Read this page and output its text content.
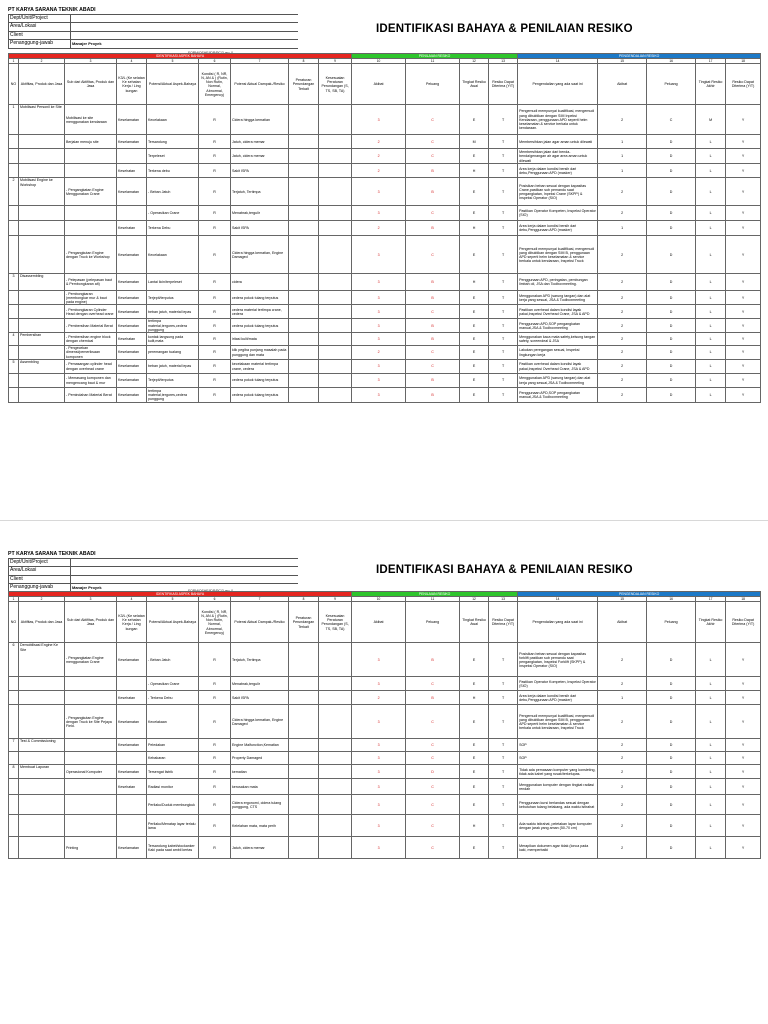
PT KARYA SARANA TEKNIK ABADI
Dept/Unit/Project
Area/Lokasi
Client
Penanggung-jawab	Manajer Proyek
IDENTIFIKASI BAHAYA & PENILAIAN RESIKO
IDENTIFIKASI ASPEK BAHAYA									PENILAIAN RESIKO				PENGENDALIAN RESIKO				
1	2	3	4	5	6	7	8	9	10	11	12	13	14	15	16	17	18
NO	Aktifitas, Produk dan Jasa	Sub dari Aktifitas, Produk dan Jasa	K3/L (Ke selatan Ke sehatan Kerja / Ling kungan	Potensi/Aktual Aspek-Bahaya	Kondisi ( R, NR, N, AN & ) (Rutin, Non Rutin, Normal, Abnormal, Emergency)	Potensi Aktual Dampak-/Resiko	Peraturan Perundangan Terkait	Kesesuaian Peraturan Perundangan (S, TS, SB, TA)	Akibat	Peluang	Tingkat Resiko Awal	Resiko Dapat Diterima (Y/T)	Pengendalian yang ada saat ini	Akibat	Peluang	Tingkat Resiko Akhir	Resiko Dapat Diterima (Y/T)
1	Mobilisasi Personil ke Site	Mobilisasi ke site menggunakan kendaraan	Keselamatan	Kecelakaan	R	Cidera hingga kematian			3	C	E	T	Pengemudi mempunyai kualifikasi, mengemudi yang dibuktikan dengan SIM Inpeksi Kendaraan, penggunaan APD seperti helm keselamatan & service berkala untuk kendaraan.	2	C	M	Y
		Berjalan menuju site	Keselamatan	Tersandung	R	Jatuh, cidera memar			2	C	M	T	Membersihkan jalan agar aman untuk dilewati	1	D	L	Y
				Terpeleset	R	Jatuh, cidera memar			2	C	E	T	Membersihkan jalan dari benda-benda/genangan air agar area aman untuk dilewati	1	D	L	Y
			Kesehatan	Terkena debu	R	Sakit ISPA			2	B	H	T	Area kerja dalam kondisi bersih dari debu,Penggunaan APD (masker)	1	D	L	Y
2	Mobilisasi Engine ke Workshop	- Pengangkatan Engine Menggunakan Crane	Keselamatan	- Beban Jatuh	R	Terjatuh, Tertimpa			3	B	E	T	Posisikan beban sesuai dengan kapasitas Crane,pastikan sub pemandu saat pengangkatan, Inpeksi Crane (SKPP) & Inspeksi Operator (SIO)	2	D	L	Y
				- Operasikan Crane	R	Menabrak,tergulir			3	C	E	T	Pastikan Operator Kompeten, Inspeksi Operator (SIO)	2	D	L	Y
			Kesehatan	Terkena Debu	R	Sakit ISPA			2	B	H	T	Area kerja dalam kondisi bersih dari debu,Penggunaan APD (masker)	1	D	L	Y
		- Pengangkutan Engine dengan Truck ke Workshop	Keselamatan	Kecelakaan	R	Cidera hingga kematian, Engine Damaged			3	C	E	T	Pengemudi mempunyai kualifikasi, mengemudi yang dibuktikan dengan SIM B, penggunaan APD seperti helm keselamatan & service berkala untuk kendaraan, Inspeksi Truck	2	D	L	Y
3	Disassembling	- Pelepasan (pelepasan baut & Pembongkaran alt)	Keselamatan	Lantai licin/terpeleset	R	cidera			3	B	H	T	Penggunaan APD, peringatan, pembungan limbah oli, JSA dan Toolboxmeeting.	2	D	L	Y
		- Pembongkaran (membongkar mur & baut pada engine)	Keselamatan	Terjepit/terputus	R	cedera pokok tulang terputus			3	B	E	T	Menggunakan APD (sarung tangan) dan alat kerja yang sesuai, JSA & Toolboxmeeting	2	D	L	Y
		- Pembongkaran Cylinder Head dengan overhead crane	Keselamatan	beban jatuh, material lepas	R	cedera material tertimpa crane, cedera			3	C	E	T	Pastikan overhead dalam kondisi layak pakai,Inspeksi Overhead Crane, JSA & APD	2	D	L	Y
		- Pembersihan Material Berat	Keselamatan	tertimpa material,tergores,cedera punggung	R	cedera pokok tulang terputus			3	B	E	T	Penggunaan APD,SOP pengangkatan manual,JSA & Toolboxmeeting	2	D	L	Y
4	Pembersihan	- Pembersihan engine block dengan chemical	Kesehatan	kontak langsung pada kulit,mata	R	iritasi kulit/mata			3	B	E	T	Menggunakan kaca mata safety,kelsung tangan safety, screendeal & JSA	2	D	L	Y
		- Pengecekan dimensi/pemeriksaan komponen	Keselamatan	peremangan tualang	R	klik pegiba punjang masalah pada punggung dan mata			2	C	E	T	Lakukan peregangan sesuai, Inspeksi lingkungan kerja	2	D	L	Y
5	Assembling	- Pemasangan cylinder head dengan overhead crane	Keselamatan	beban jatuh, material lepas	R	kecelakaan material tertimpa crane, cedera			3	C	E	T	Pastikan overhead dalam kondisi layak pakai,Inspeksi Overhead Crane, JSA & APD	2	D	L	Y
		- Memasang komponen dan mengencang baut & mur	Keselamatan	Terjepit/terputus	R	cedera pokok tulang terputus			3	B	E	T	Menggunakan APD (sarung tangan) dan alat kerja yang sesuai,JSA & Toolboxmeeting	2	D	L	Y
		- Pemindahan Material Berat	Keselamatan	tertimpa material,tergores,cedera punggung	R	cedera pokok tulang terputus			3	B	E	T	Penggunaan APD,SOP pengangkatan manual,JSA & Toolboxmeeting	2	D	L	Y
PT KARYA SARANA TEKNIK ABADI
Dept/Unit/Project
Area/Lokasi
Client
Penanggung-jawab	Manajer Proyek
IDENTIFIKASI BAHAYA & PENILAIAN RESIKO
IDENTIFIKASI ASPEK BAHAYA									PENILAIAN RESIKO				PENGENDALIAN RESIKO				
1	2	3	4	5	6	7	8	9	10	11	12	13	14	15	16	17	18
NO	Aktifitas, Produk dan Jasa	Sub dari Aktifitas, Produk dan Jasa	K3/L (Ke selatan Ke sehatan Kerja / Ling kungan	Potensi/Aktual Aspek-Bahaya	Kondisi ( R, NR, N, AN & ) (Rutin, Non Rutin, Normal, Abnormal, Emergency)	Potensi Aktual Dampak-/Resiko	Peraturan Perundangan Terkait	Kesesuaian Peraturan Perundangan (S, TS, SB, TA)	Akibat	Peluang	Tingkat Resiko Awal	Resiko Dapat Diterima (Y/T)	Pengendalian yang ada saat ini	Akibat	Peluang	Tingkat Resiko Akhir	Resiko Dapat Diterima (Y/T)
6	Demobilisasi Engine Ke Site	- Pengangkatan Engine menggunakan Crane	Keselamatan	- Beban Jatuh	R	Terjatuh, Tertimpa			3	B	E	T	Posisikan beban sesuai dengan kapasitas forklift pastikan sub pemandu saat pengangkatan, Inspeksi Forklift (SKPP) & Inspeksi Operator (SIO)	2	D	L	Y
				- Operasikan Crane	R	Menabrak,tergulir			3	C	E	T	Pastikan Operator Kompeten, Inspeksi Operator (SIO)	2	D	L	Y
			Kesehatan	- Terkena Debu	R	Sakit ISPA			2	B	H	T	Area kerja dalam kondisi bersih dari debu,Penggunaan APD (masker)	1	D	L	Y
		- Pengangkutan Engine dengan Truck ke Site Pejaya Field.	Keselamatan	Kecelakaan	R	Cidera hingga kematian, Engine Damaged			3	C	E	T	Pengemudi mempunyai kualifikasi, mengemudi yang dibuktikan dengan SIM B, penggunaan APD seperti helm keselamatan & service berkala untuk kendaraan, Inspeksi Truck	2	D	L	Y
7	Test & Commissioning		Keselamatan	Peledakan	R	Engine Malfunction,Kematian			3	C	E	T	SOP	2	D	L	Y
				Kebakaran	R	Property Damaged			3	C	E	T	SOP	2	D	L	Y
8	Membuat Laporan	Operasional Komputer	Keselamatan	Tersengat listrik	R	kematian			3	D	E	T	Tidak ada pemasaan komputer yang konsleting, tidak ada kabel yang rusak/terkelupas.	2	D	L	Y
			Kesehatan	Radiasi monitor	R	kerusakan mata			3	C	E	T	Menggunakan komputer dengan tingkat radiasi rendah	2	D	L	Y
				Perilaku/Duduk membungkuk	R	Cidera ergonomi, cidera tulang punggung, CTS			3	C	E	T	Penggunaan kursi berlandas sesuai dengan kebutuhan tulang belakang, ada waktu istirahat	2	D	L	Y
				Perilaku/Menatap layar terlalu lama	R	Kelelahan mata, mata perih			3	C	H	T	Ada waktu istirahat, peletakan layar komputer dengan jarak yang aman (50-70 cm)	2	D	L	Y
		Printing	Keselamatan	Tersandung kabel/stockanker Kaki pada saat ambil kertas	R	Jatuh, cidera memar			3	C	E	T	Merapikan dokumen agar tidak (lonca pada kaki, memperbaiki	2	D	L	Y
